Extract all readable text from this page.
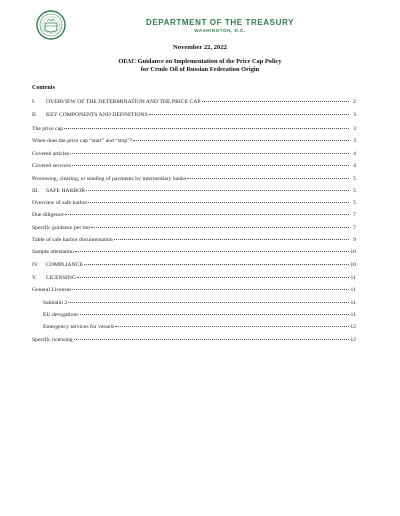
DEPARTMENT OF THE TREASURY
WASHINGTON, D.C.
November 22, 2022
OFAC Guidance on Implementation of the Price Cap Policy
for Crude Oil of Russian Federation Origin
Contents
I.	OVERVIEW OF THE DETERMINATION AND THE PRICE CAP	2
II.	KEY COMPONENTS AND DEFINITIONS	3
The price cap	3
When does the price cap “start” and “stop”?	3
Covered articles	4
Covered services	4
Processing, clearing, or sending of payments by intermediary banks	5
III.	SAFE HARBOR	5
Overview of safe harbor	5
Due diligence	7
Specific guidance per tier	7
Table of safe harbor documentation	9
Sample attestation	10
IV.	COMPLIANCE	10
V.	LICENSING	11
General Licenses	11
Sakhalin 2	11
EU derogations	11
Emergency services for vessels	12
Specific licensing	12
